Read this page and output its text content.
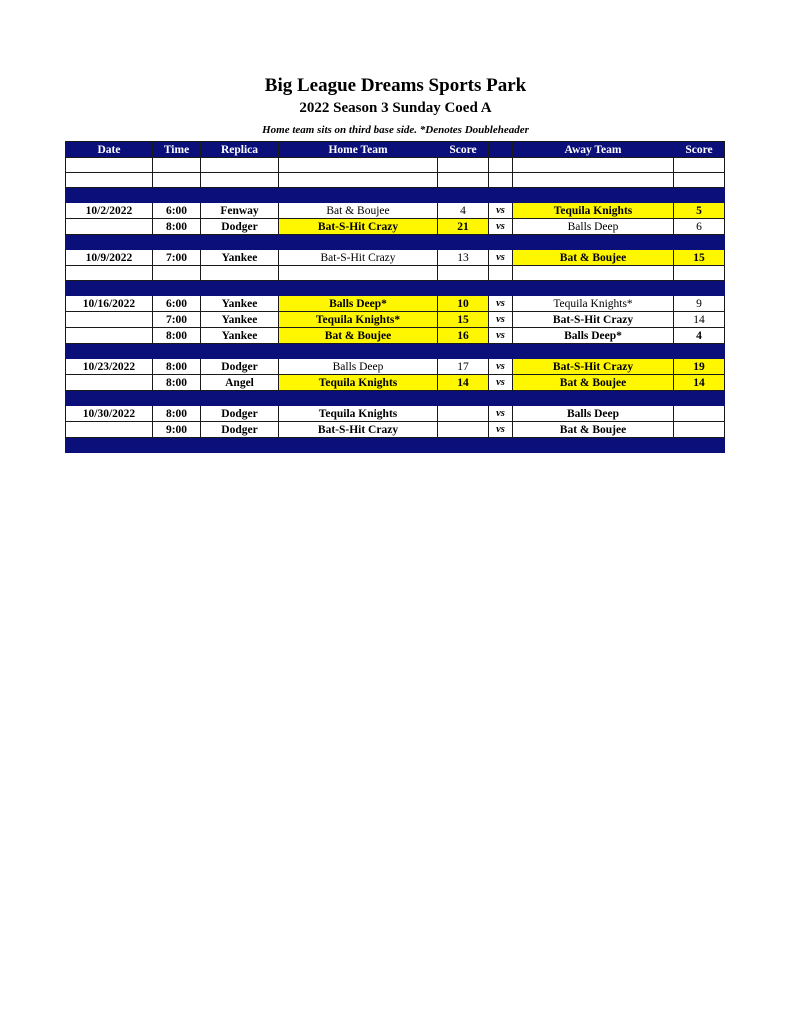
Big League Dreams Sports Park
2022 Season 3 Sunday Coed A
Home team sits on third base side. *Denotes Doubleheader
Date	Time	Replica	Home Team	Score		Away Team	Score

10/2/2022	6:00	Fenway	Bat & Boujee	4	vs	Tequila Knights	5
	8:00	Dodger	Bat-S-Hit Crazy	21	vs	Balls Deep	6

10/9/2022	7:00	Yankee	Bat-S-Hit Crazy	13	vs	Bat & Boujee	15

10/16/2022	6:00	Yankee	Balls Deep*	10	vs	Tequila Knights*	9
	7:00	Yankee	Tequila Knights*	15	vs	Bat-S-Hit Crazy	14
	8:00	Yankee	Bat & Boujee	16	vs	Balls Deep*	4

10/23/2022	8:00	Dodger	Balls Deep	17	vs	Bat-S-Hit Crazy	19
	8:00	Angel	Tequila Knights	14	vs	Bat & Boujee	14

10/30/2022	8:00	Dodger	Tequila Knights		vs	Balls Deep	
	9:00	Dodger	Bat-S-Hit Crazy		vs	Bat & Boujee	
